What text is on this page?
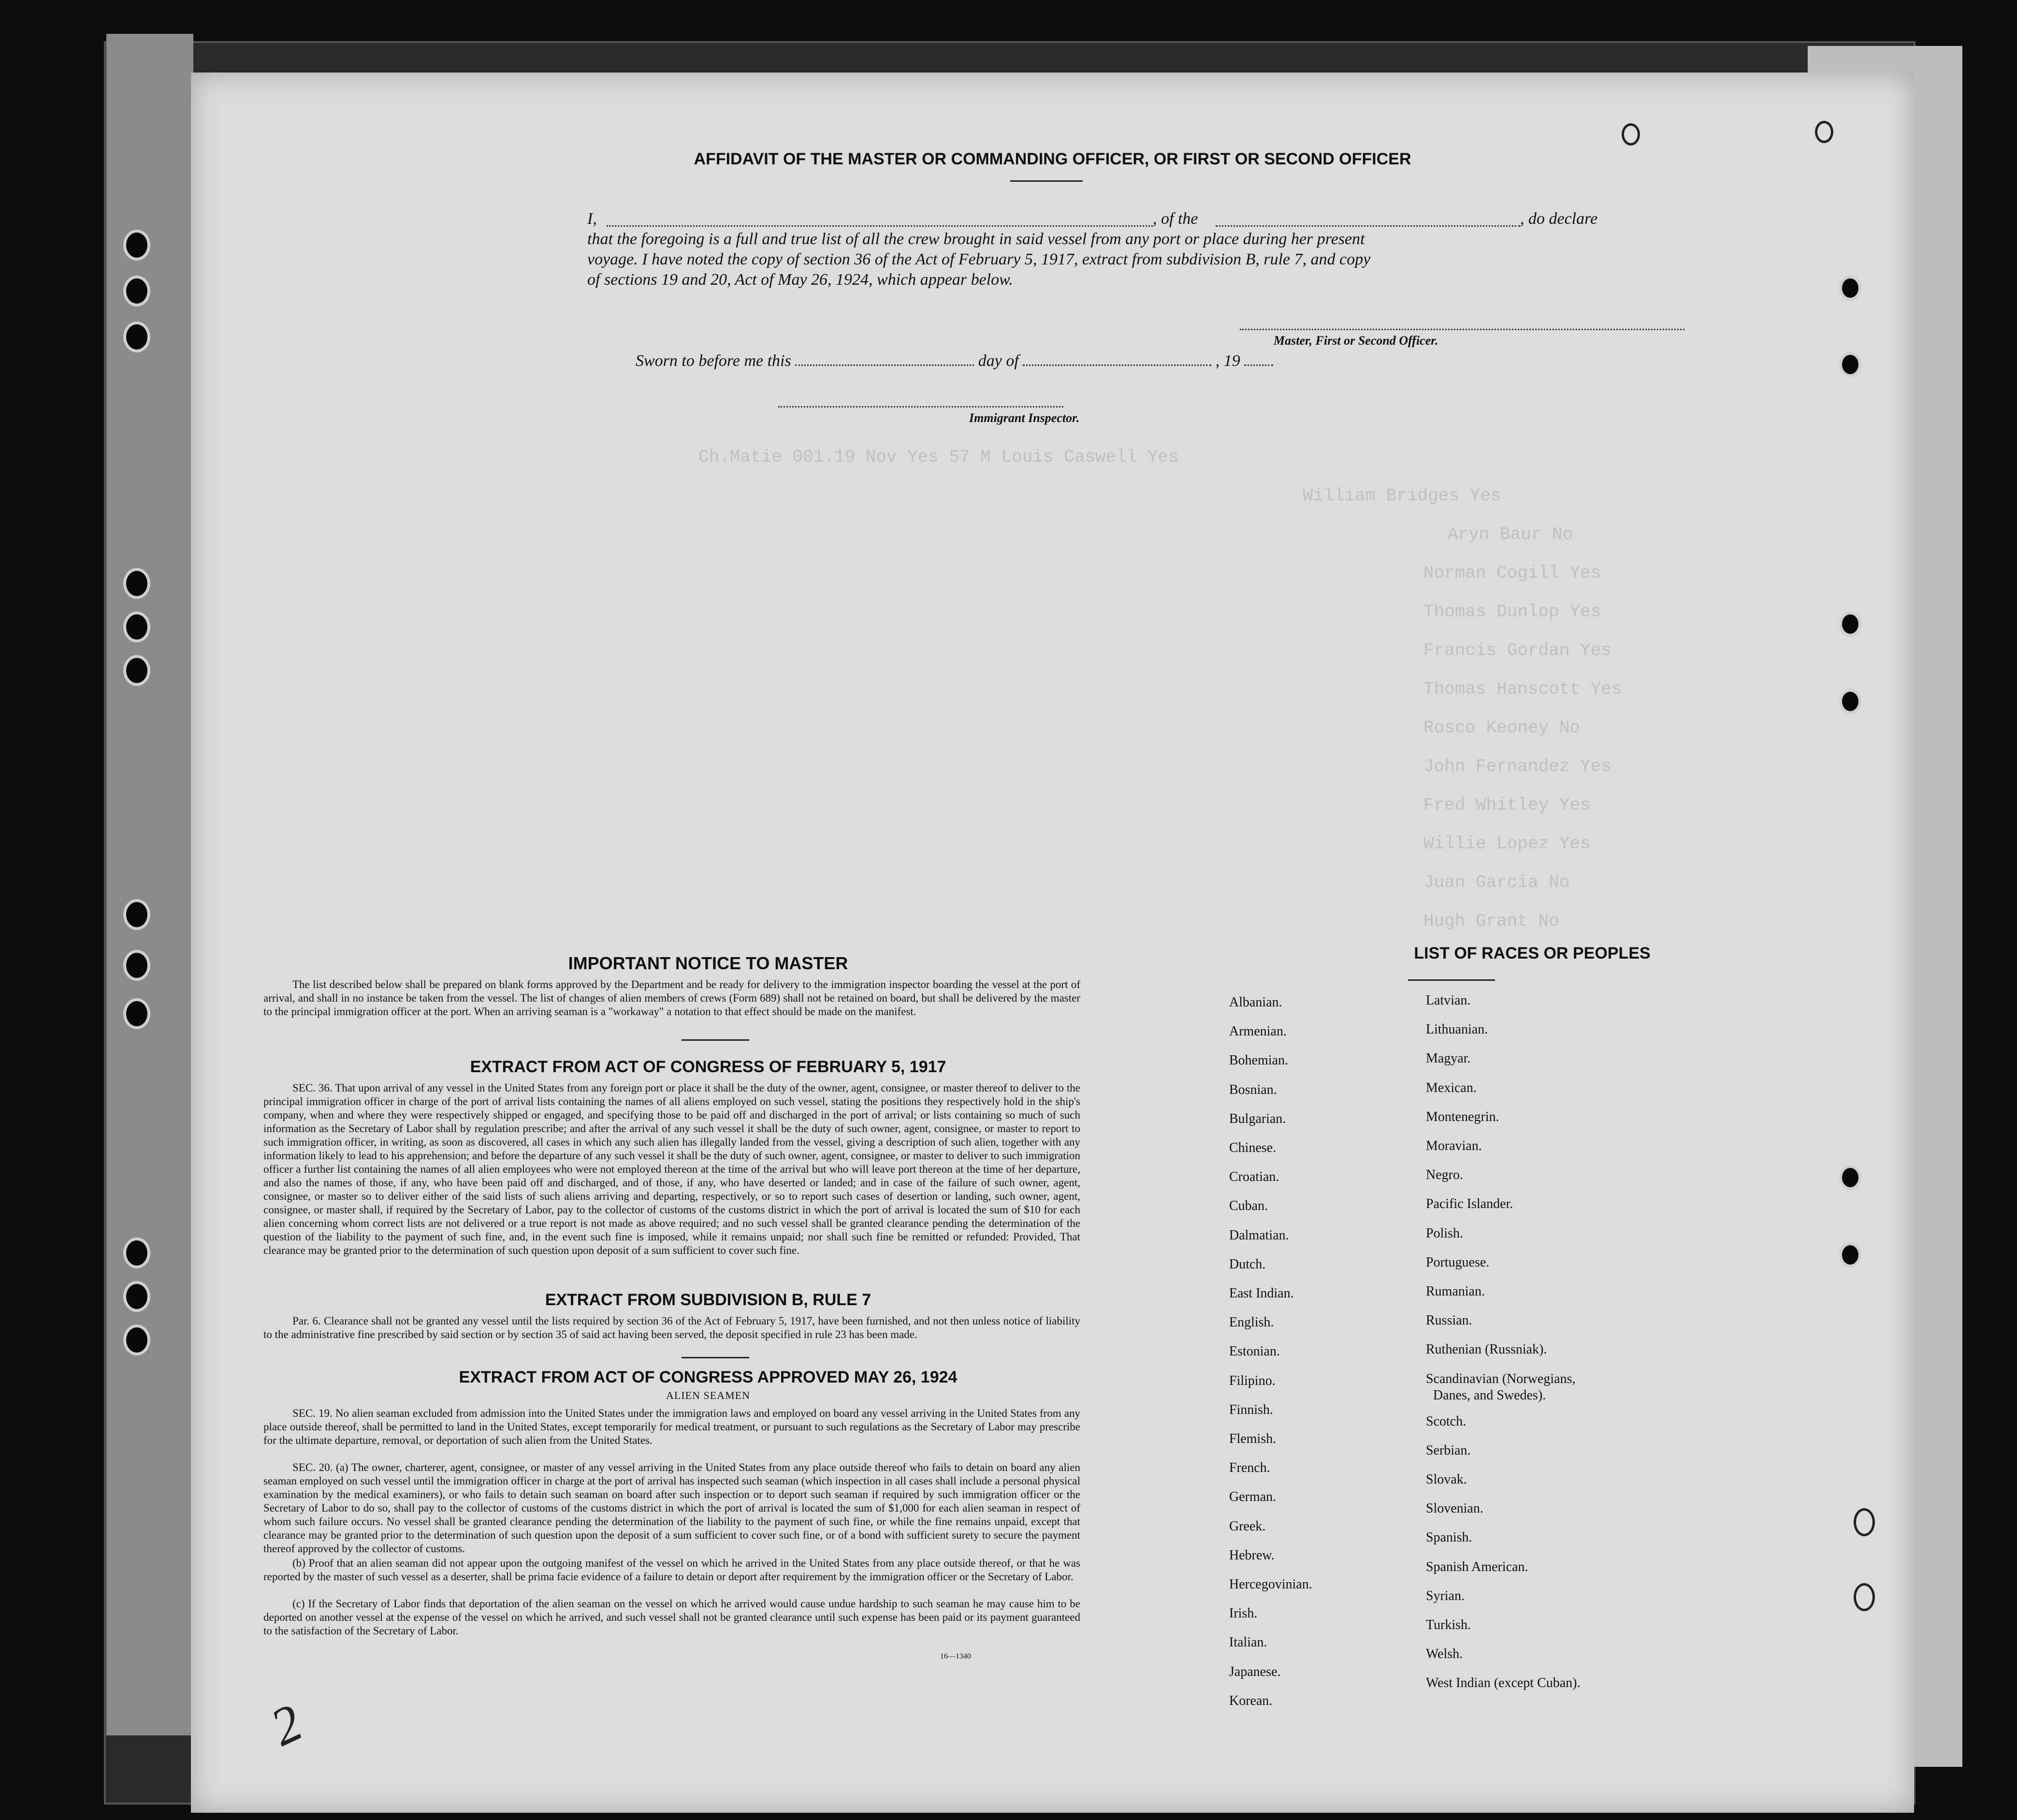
Ch.Matie 001.19 Nov Yes 57 M Louis Caswell Yes
William Bridges Yes
Aryn Baur No
Norman Cogill Yes
Thomas Dunlop Yes
Francis Gordan Yes
Thomas Hanscott Yes
Rosco Keoney No
John Fernandez Yes
Fred Whitley Yes
Willie Lopez Yes
Juan Garcia No
Hugh Grant No
AFFIDAVIT OF THE MASTER OR COMMANDING OFFICER, OR FIRST OR SECOND OFFICER
I,	, of the	, do declare
that the foregoing is a full and true list of all the crew brought in said vessel from any port or place during her present
voyage. I have noted the copy of section 36 of the Act of February 5, 1917, extract from subdivision B, rule 7, and copy
of sections 19 and 20, Act of May 26, 1924, which appear below.
Master, First or Second Officer.
Sworn to before me this	day of	, 19
Immigrant Inspector.
IMPORTANT NOTICE TO MASTER
The list described below shall be prepared on blank forms approved by the Department and be ready for delivery to the immigration inspector boarding the vessel at the port of arrival, and shall in no instance be taken from the vessel. The list of changes of alien members of crews (Form 689) shall not be retained on board, but shall be delivered by the master to the principal immigration officer at the port. When an arriving seaman is a "workaway" a notation to that effect should be made on the manifest.
EXTRACT FROM ACT OF CONGRESS OF FEBRUARY 5, 1917
SEC. 36. That upon arrival of any vessel in the United States from any foreign port or place it shall be the duty of the owner, agent, consignee, or master thereof to deliver to the principal immigration officer in charge of the port of arrival lists containing the names of all aliens employed on such vessel, stating the positions they respectively hold in the ship's company, when and where they were respectively shipped or engaged, and specifying those to be paid off and discharged in the port of arrival; or lists containing so much of such information as the Secretary of Labor shall by regulation prescribe; and after the arrival of any such vessel it shall be the duty of such owner, agent, consignee, or master to report to such immigration officer, in writing, as soon as discovered, all cases in which any such alien has illegally landed from the vessel, giving a description of such alien, together with any information likely to lead to his apprehension; and before the departure of any such vessel it shall be the duty of such owner, agent, consignee, or master to deliver to such immigration officer a further list containing the names of all alien employees who were not employed thereon at the time of the arrival but who will leave port thereon at the time of her departure, and also the names of those, if any, who have been paid off and discharged, and of those, if any, who have deserted or landed; and in case of the failure of such owner, agent, consignee, or master so to deliver either of the said lists of such aliens arriving and departing, respectively, or so to report such cases of desertion or landing, such owner, agent, consignee, or master shall, if required by the Secretary of Labor, pay to the collector of customs of the customs district in which the port of arrival is located the sum of $10 for each alien concerning whom correct lists are not delivered or a true report is not made as above required; and no such vessel shall be granted clearance pending the determination of the question of the liability to the payment of such fine, and, in the event such fine is imposed, while it remains unpaid; nor shall such fine be remitted or refunded: Provided, That clearance may be granted prior to the determination of such question upon deposit of a sum sufficient to cover such fine.
EXTRACT FROM SUBDIVISION B, RULE 7
Par. 6. Clearance shall not be granted any vessel until the lists required by section 36 of the Act of February 5, 1917, have been furnished, and not then unless notice of liability to the administrative fine prescribed by said section or by section 35 of said act having been served, the deposit specified in rule 23 has been made.
EXTRACT FROM ACT OF CONGRESS APPROVED MAY 26, 1924
ALIEN SEAMEN
SEC. 19. No alien seaman excluded from admission into the United States under the immigration laws and employed on board any vessel arriving in the United States from any place outside thereof, shall be permitted to land in the United States, except temporarily for medical treatment, or pursuant to such regulations as the Secretary of Labor may prescribe for the ultimate departure, removal, or deportation of such alien from the United States.
SEC. 20. (a) The owner, charterer, agent, consignee, or master of any vessel arriving in the United States from any place outside thereof who fails to detain on board any alien seaman employed on such vessel until the immigration officer in charge at the port of arrival has inspected such seaman (which inspection in all cases shall include a personal physical examination by the medical examiners), or who fails to detain such seaman on board after such inspection or to deport such seaman if required by such immigration officer or the Secretary of Labor to do so, shall pay to the collector of customs of the customs district in which the port of arrival is located the sum of $1,000 for each alien seaman in respect of whom such failure occurs. No vessel shall be granted clearance pending the determination of the liability to the payment of such fine, or while the fine remains unpaid, except that clearance may be granted prior to the determination of such question upon the deposit of a sum sufficient to cover such fine, or of a bond with sufficient surety to secure the payment thereof approved by the collector of customs.
(b) Proof that an alien seaman did not appear upon the outgoing manifest of the vessel on which he arrived in the United States from any place outside thereof, or that he was reported by the master of such vessel as a deserter, shall be prima facie evidence of a failure to detain or deport after requirement by the immigration officer or the Secretary of Labor.
(c) If the Secretary of Labor finds that deportation of the alien seaman on the vessel on which he arrived would cause undue hardship to such seaman he may cause him to be deported on another vessel at the expense of the vessel on which he arrived, and such vessel shall not be granted clearance until such expense has been paid or its payment guaranteed to the satisfaction of the Secretary of Labor.
16—1340
2
LIST OF RACES OR PEOPLES
Albanian.
Armenian.
Bohemian.
Bosnian.
Bulgarian.
Chinese.
Croatian.
Cuban.
Dalmatian.
Dutch.
East Indian.
English.
Estonian.
Filipino.
Finnish.
Flemish.
French.
German.
Greek.
Hebrew.
Hercegovinian.
Irish.
Italian.
Japanese.
Korean.
Latvian.
Lithuanian.
Magyar.
Mexican.
Montenegrin.
Moravian.
Negro.
Pacific Islander.
Polish.
Portuguese.
Rumanian.
Russian.
Ruthenian (Russniak).
Scandinavian (Norwegians,
Danes, and Swedes).
Scotch.
Serbian.
Slovak.
Slovenian.
Spanish.
Spanish American.
Syrian.
Turkish.
Welsh.
West Indian (except Cuban).
